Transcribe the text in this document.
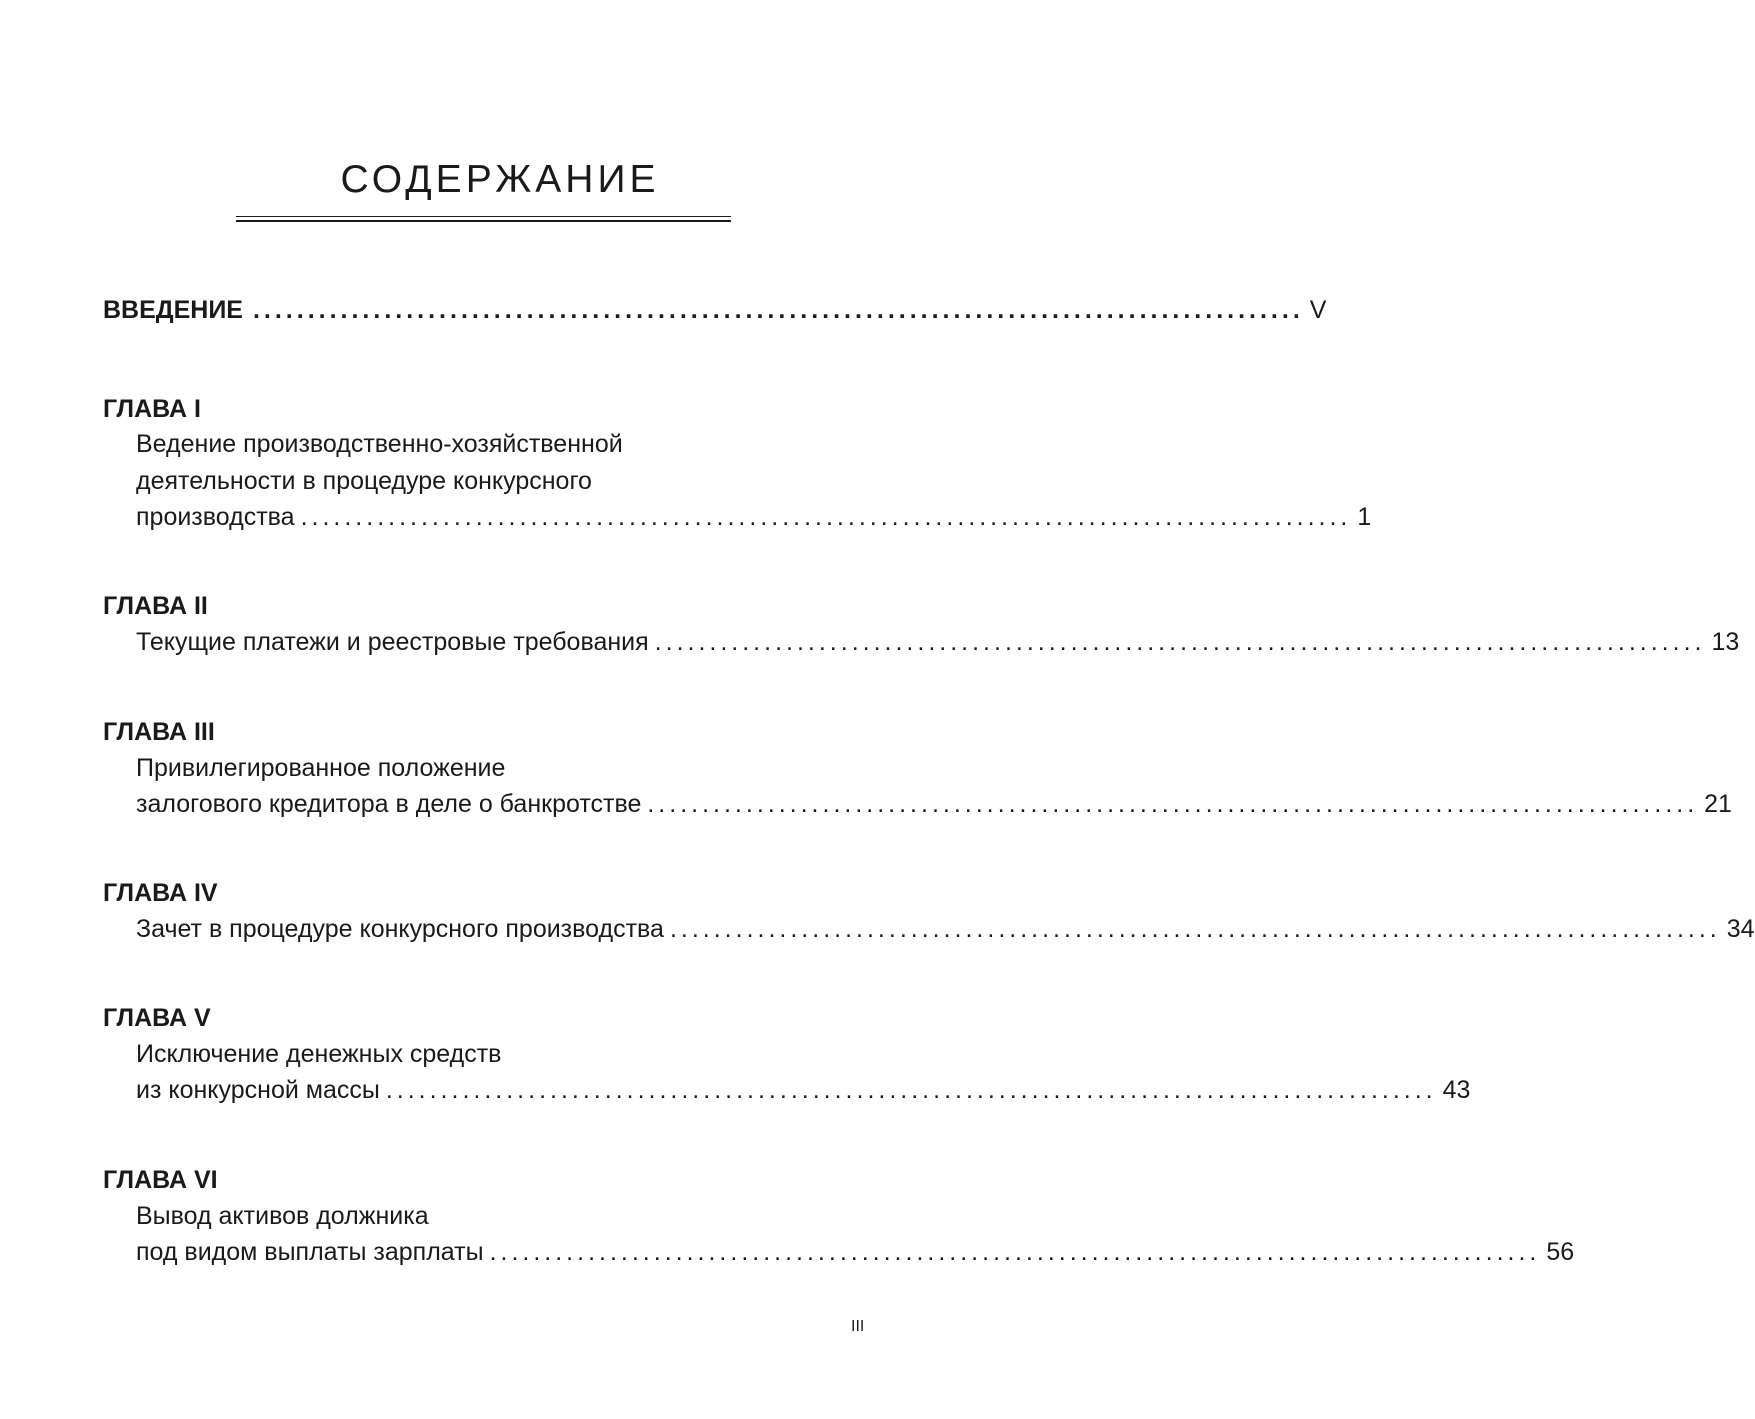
СОДЕРЖАНИЕ
ВВЕДЕНИЕ ................................................................................................ V
ГЛАВА I
Ведение производственно-хозяйственной
деятельности в процедуре конкурсного
производства ................................................................................................ 1
ГЛАВА II
Текущие платежи и реестровые требования ................................................................................................ 13
ГЛАВА III
Привилегированное положение
залогового кредитора в деле о банкротстве ................................................................................................ 21
ГЛАВА IV
Зачет в процедуре конкурсного производства ................................................................................................ 34
ГЛАВА V
Исключение денежных средств
из конкурсной массы ................................................................................................ 43
ГЛАВА VI
Вывод активов должника
под видом выплаты зарплаты ................................................................................................ 56
III
